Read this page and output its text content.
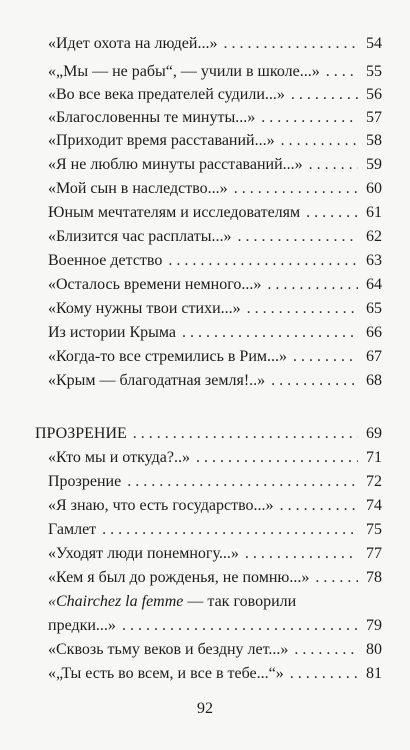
«Идет охота на людей...» . . .	54
«„Мы — не рабы“, — учили в школе...» . . .	55
«Во все века предателей судили...» . . .	56
«Благословенны те минуты...» . . .	57
«Приходит время расставаний...» . . .	58
«Я не люблю минуты расставаний...» . . .	59
«Мой сын в наследство...» . . .	60
Юным мечтателям и исследователям . . .	61
«Близится час расплаты...» . . .	62
Военное детство . . .	63
«Осталось времени немного...» . . .	64
«Кому нужны твои стихи...» . . .	65
Из истории Крыма . . .	66
«Когда-то все стремились в Рим...» . . .	67
«Крым — благодатная земля!..» . . .	68
ПРОЗРЕНИЕ . . .	69
«Кто мы и откуда?..» . . .	71
Прозрение . . .	72
«Я знаю, что есть государство...» . . .	74
Гамлет . . .	75
«Уходят люди понемногу...» . . .	77
«Кем я был до рожденья, не помню...» . . .	78
«Chairchez la femme — так говорили
предки...» . . .	79
«Сквозь тьму веков и бездну лет...» . . .	80
«„Ты есть во всем, и все в тебе...“» . . .	81
92
